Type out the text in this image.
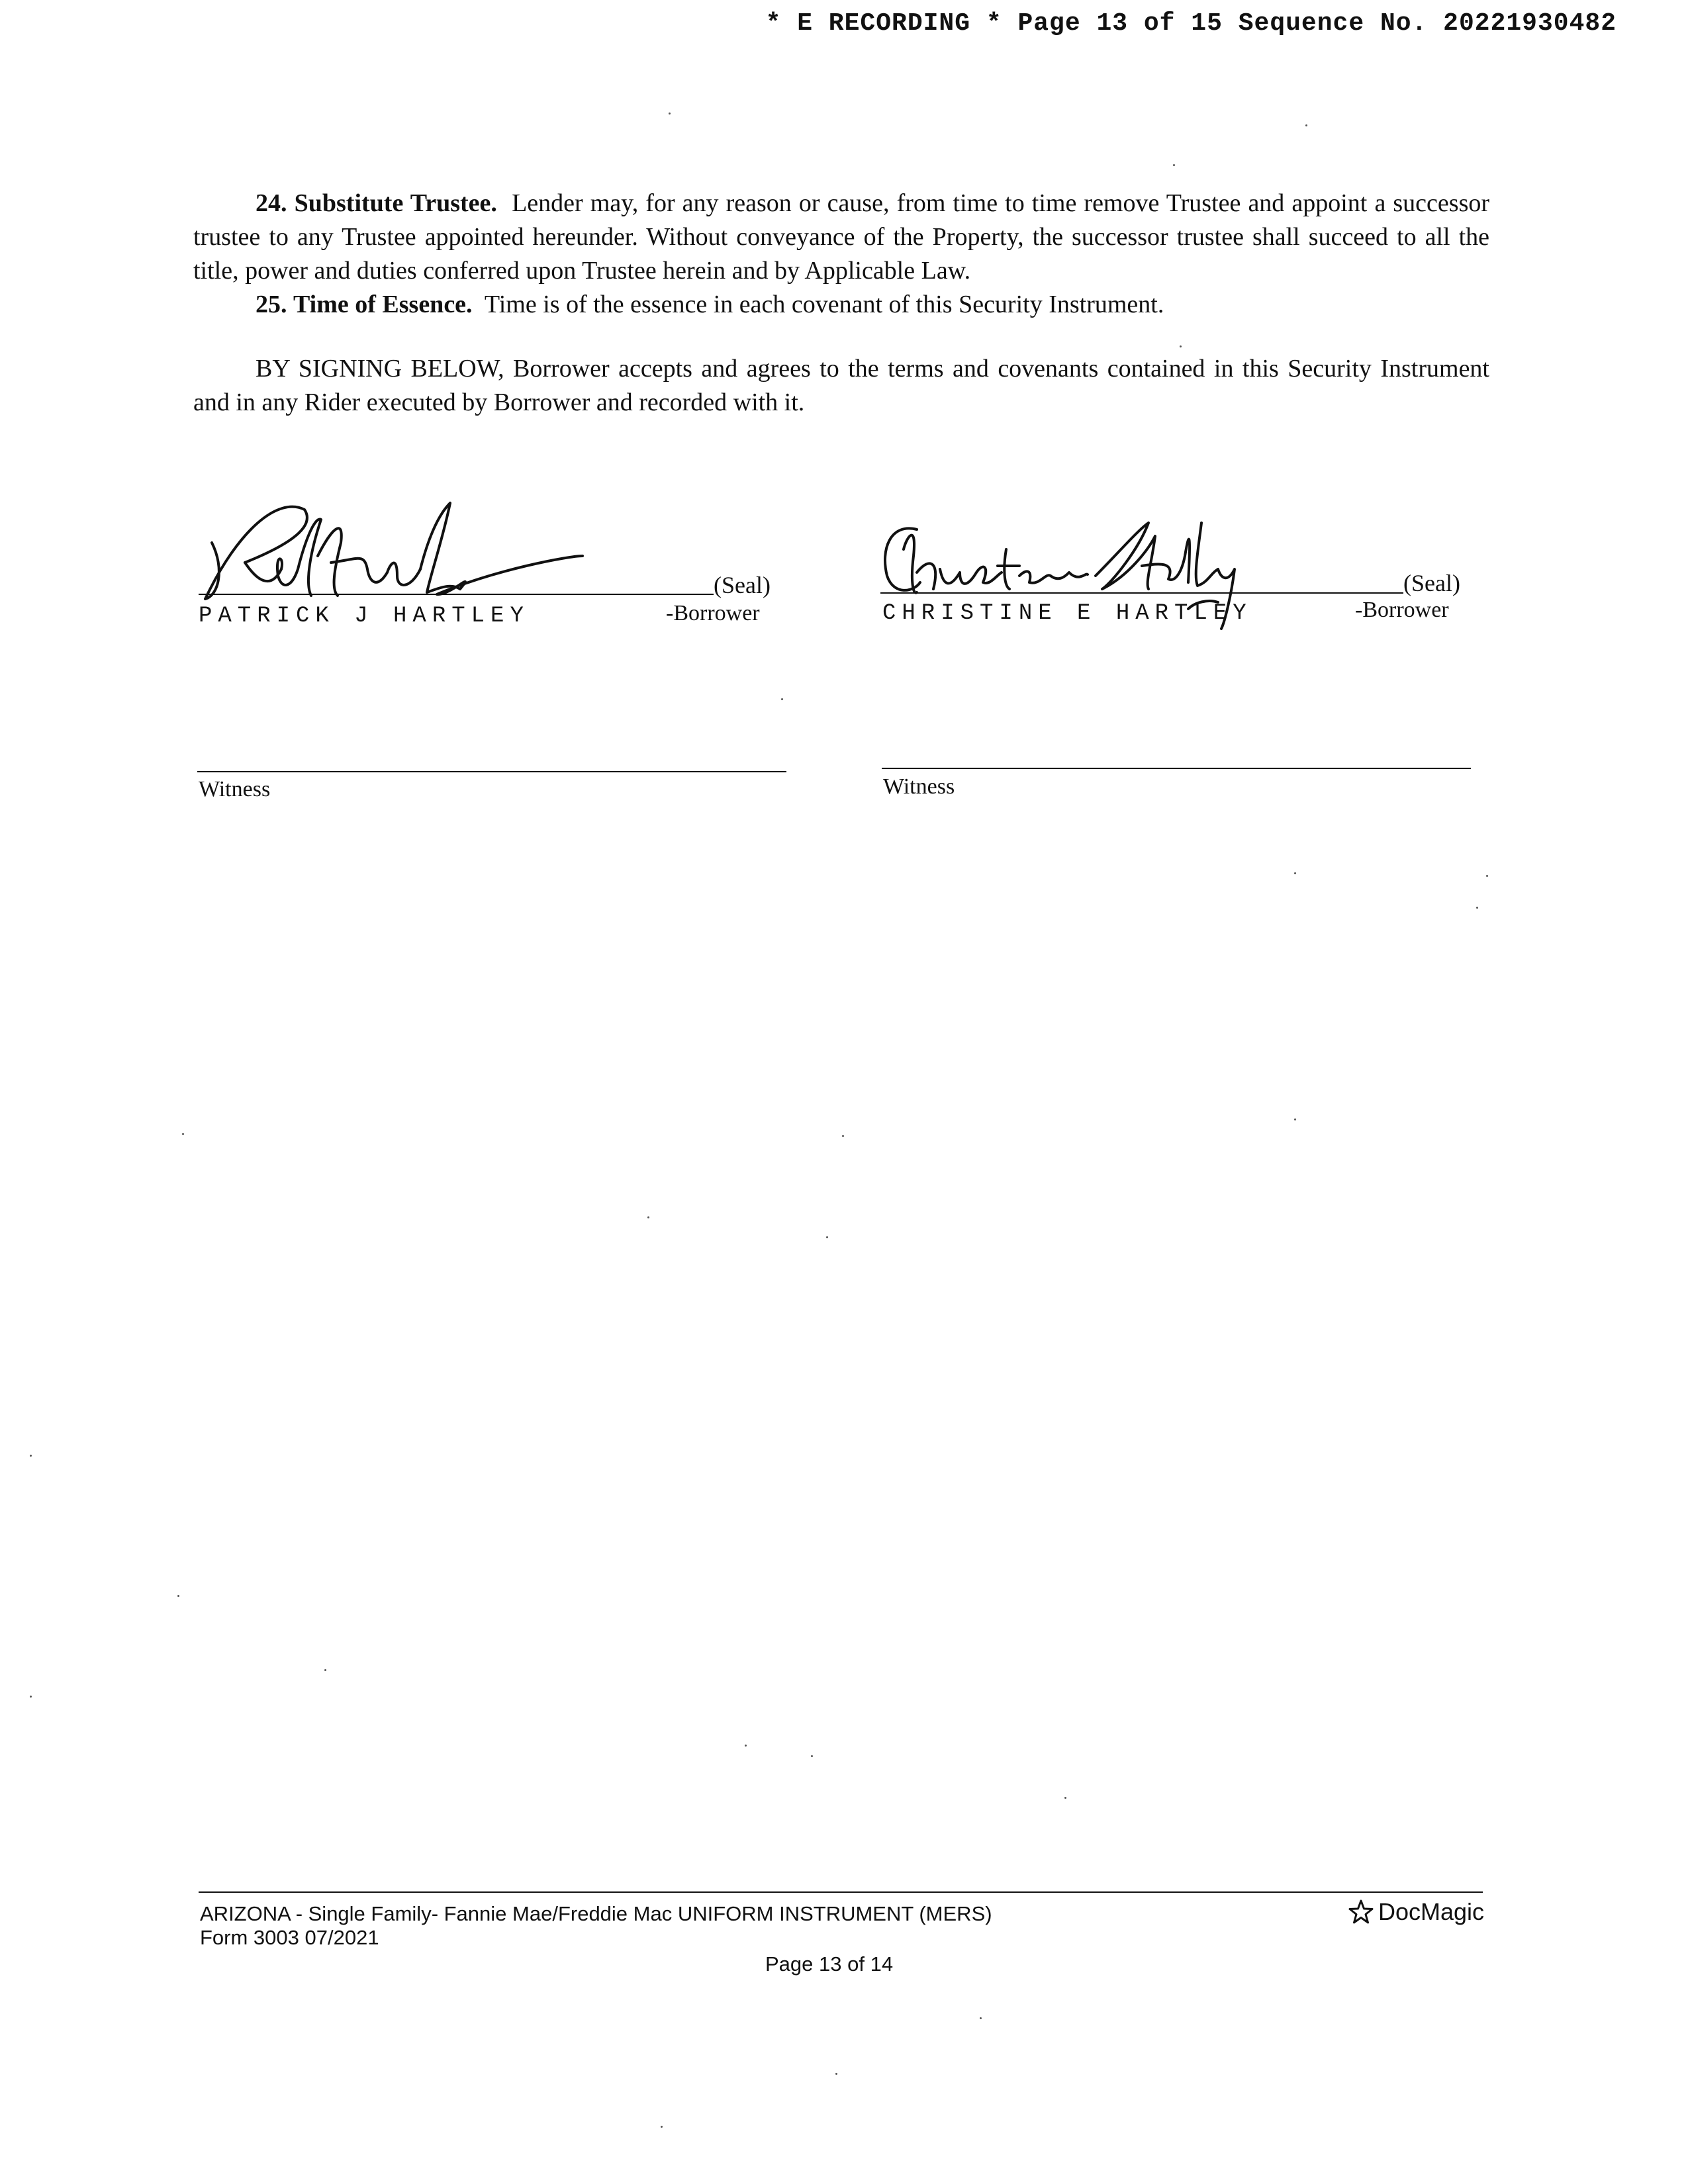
* E RECORDING * Page 13 of 15 Sequence No. 20221930482

24. Substitute Trustee. Lender may, for any reason or cause, from time to time remove Trustee and appoint a successor trustee to any Trustee appointed hereunder. Without conveyance of the Property, the successor trustee shall succeed to all the title, power and duties conferred upon Trustee herein and by Applicable Law.

25. Time of Essence. Time is of the essence in each covenant of this Security Instrument.

BY SIGNING BELOW, Borrower accepts and agrees to the terms and covenants contained in this Security Instrument and in any Rider executed by Borrower and recorded with it.

(Seal)
PATRICK J HARTLEY	-Borrower
Witness
(Seal)
CHRISTINE E HARTLEY	-Borrower
Witness
ARIZONA - Single Family- Fannie Mae/Freddie Mac UNIFORM INSTRUMENT (MERS)
Form 3003 07/2021
Page 13 of 14
DocMagic
